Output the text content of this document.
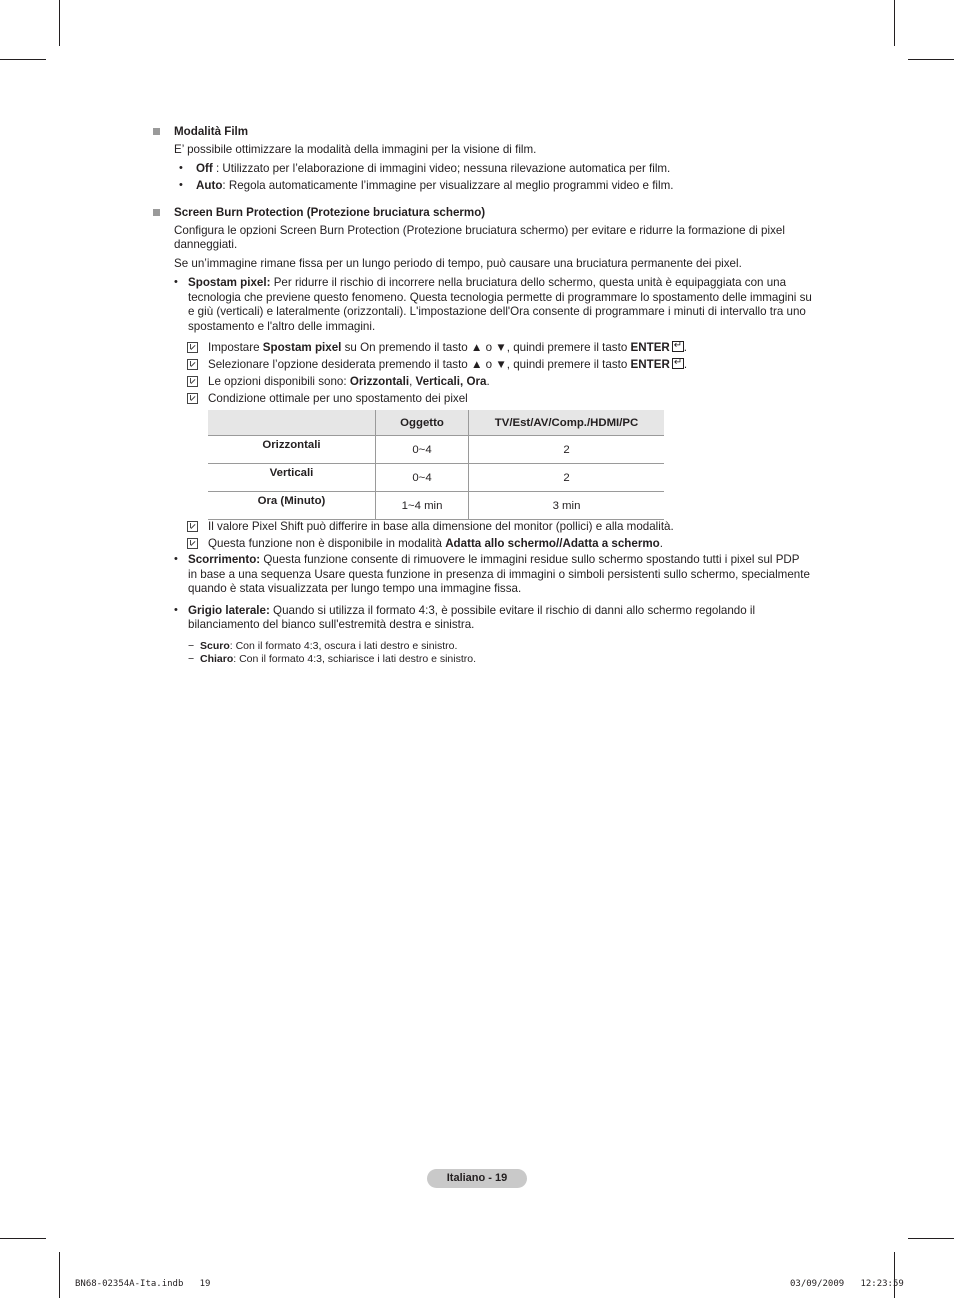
Modalità Film
E’ possibile ottimizzare la modalità della immagini per la visione di film.
• Off : Utilizzato per l’elaborazione di immagini video; nessuna rilevazione automatica per film.
• Auto: Regola automaticamente l’immagine per visualizzare al meglio programmi video e film.
Screen Burn Protection (Protezione bruciatura schermo)
Configura le opzioni Screen Burn Protection (Protezione bruciatura schermo) per evitare e ridurre la formazione di pixel
danneggiati.
Se un’immagine rimane fissa per un lungo periodo di tempo, può causare una bruciatura permanente dei pixel.
• Spostam pixel: Per ridurre il rischio di incorrere nella bruciatura dello schermo, questa unità è equipaggiata con una
tecnologia che previene questo fenomeno. Questa tecnologia permette di programmare lo spostamento delle immagini su
e giù (verticali) e lateralmente (orizzontali). L'impostazione dell'Ora consente di programmare i minuti di intervallo tra uno
spostamento e l'altro delle immagini.
Impostare Spostam pixel su On premendo il tasto ▲ o ▼, quindi premere il tasto ENTER ↵ .
Selezionare l’opzione desiderata premendo il tasto ▲ o ▼, quindi premere il tasto ENTER ↵ .
Le opzioni disponibili sono: Orizzontali, Verticali, Ora.
Condizione ottimale per uno spostamento dei pixel
	Oggetto	TV/Est/AV/Comp./HDMI/PC
Orizzontali	0~4	2
Verticali	0~4	2
Ora (Minuto)	1~4 min	3 min
Il valore Pixel Shift può differire in base alla dimensione del monitor (pollici) e alla modalità.
Questa funzione non è disponibile in modalità Adatta allo schermo//Adatta a schermo.
• Scorrimento: Questa funzione consente di rimuovere le immagini residue sullo schermo spostando tutti i pixel sul PDP
in base a una sequenza Usare questa funzione in presenza di immagini o simboli persistenti sullo schermo, specialmente
quando è stata visualizzata per lungo tempo una immagine fissa.
• Grigio laterale: Quando si utilizza il formato 4:3, è possibile evitare il rischio di danni allo schermo regolando il
bilanciamento del bianco sull'estremità destra e sinistra.
− Scuro: Con il formato 4:3, oscura i lati destro e sinistro.
− Chiaro: Con il formato 4:3, schiarisce i lati destro e sinistro.
Italiano - 19
BN68-02354A-Ita.indb   19	03/09/2009   12:23:59
